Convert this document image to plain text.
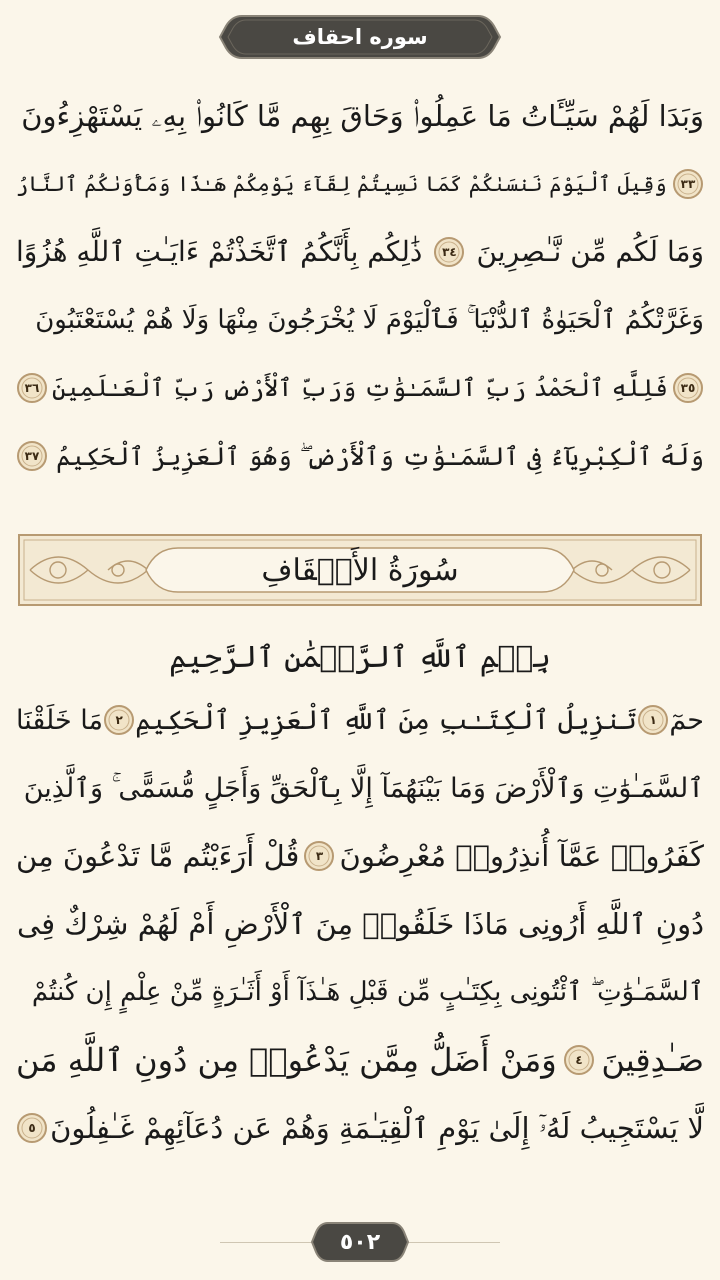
سوره احقاف
وَبَدَا لَهُمْ سَيِّـَٔاتُ مَا عَمِلُوا۟ وَحَاقَ بِهِم مَّا كَانُوا۟ بِهِۦ يَسْتَهْزِءُونَ
٣٣
وَقِيلَ ٱلْيَوْمَ نَنسَىٰكُمْ كَمَا نَسِيتُمْ لِقَآءَ يَوْمِكُمْ هَـٰذَا وَمَأْوَىٰكُمُ ٱلنَّارُ
وَمَا لَكُم مِّن نَّـٰصِرِينَ
٣٤
ذَٰلِكُم بِأَنَّكُمُ ٱتَّخَذْتُمْ ءَايَـٰتِ ٱللَّهِ هُزُوًا
وَغَرَّتْكُمُ ٱلْحَيَوٰةُ ٱلدُّنْيَا ۚ فَٱلْيَوْمَ لَا يُخْرَجُونَ مِنْهَا وَلَا هُمْ يُسْتَعْتَبُونَ
٣٥
فَلِلَّهِ ٱلْحَمْدُ رَبِّ ٱلسَّمَـٰوَٰتِ وَرَبِّ ٱلْأَرْضِ رَبِّ ٱلْعَـٰلَمِينَ
٣٦
وَلَهُ ٱلْكِبْرِيَآءُ فِى ٱلسَّمَـٰوَٰتِ وَٱلْأَرْضِ ۖ وَهُوَ ٱلْعَزِيزُ ٱلْحَكِيمُ
٣٧
سُورَةُ الأَحۡقَافِ
بِسۡمِ ٱللَّهِ ٱلرَّحۡمَٰنِ ٱلرَّحِيمِ
حمٓ
١
تَنزِيلُ ٱلْكِتَـٰبِ مِنَ ٱللَّهِ ٱلْعَزِيزِ ٱلْحَكِيمِ
٢
مَا خَلَقْنَا
ٱلسَّمَـٰوَٰتِ وَٱلْأَرْضَ وَمَا بَيْنَهُمَآ إِلَّا بِٱلْحَقِّ وَأَجَلٍ مُّسَمًّى ۚ وَٱلَّذِينَ
كَفَرُوا۟ عَمَّآ أُنذِرُوا۟ مُعْرِضُونَ
٣
قُلْ أَرَءَيْتُم مَّا تَدْعُونَ مِن
دُونِ ٱللَّهِ أَرُونِى مَاذَا خَلَقُوا۟ مِنَ ٱلْأَرْضِ أَمْ لَهُمْ شِرْكٌ فِى
ٱلسَّمَـٰوَٰتِ ۖ ٱئْتُونِى بِكِتَـٰبٍ مِّن قَبْلِ هَـٰذَآ أَوْ أَثَـٰرَةٍ مِّنْ عِلْمٍ إِن كُنتُمْ
صَـٰدِقِينَ
٤
وَمَنْ أَضَلُّ مِمَّن يَدْعُوا۟ مِن دُونِ ٱللَّهِ مَن
لَّا يَسْتَجِيبُ لَهُۥٓ إِلَىٰ يَوْمِ ٱلْقِيَـٰمَةِ وَهُمْ عَن دُعَآئِهِمْ غَـٰفِلُونَ
٥
٥٠٢
